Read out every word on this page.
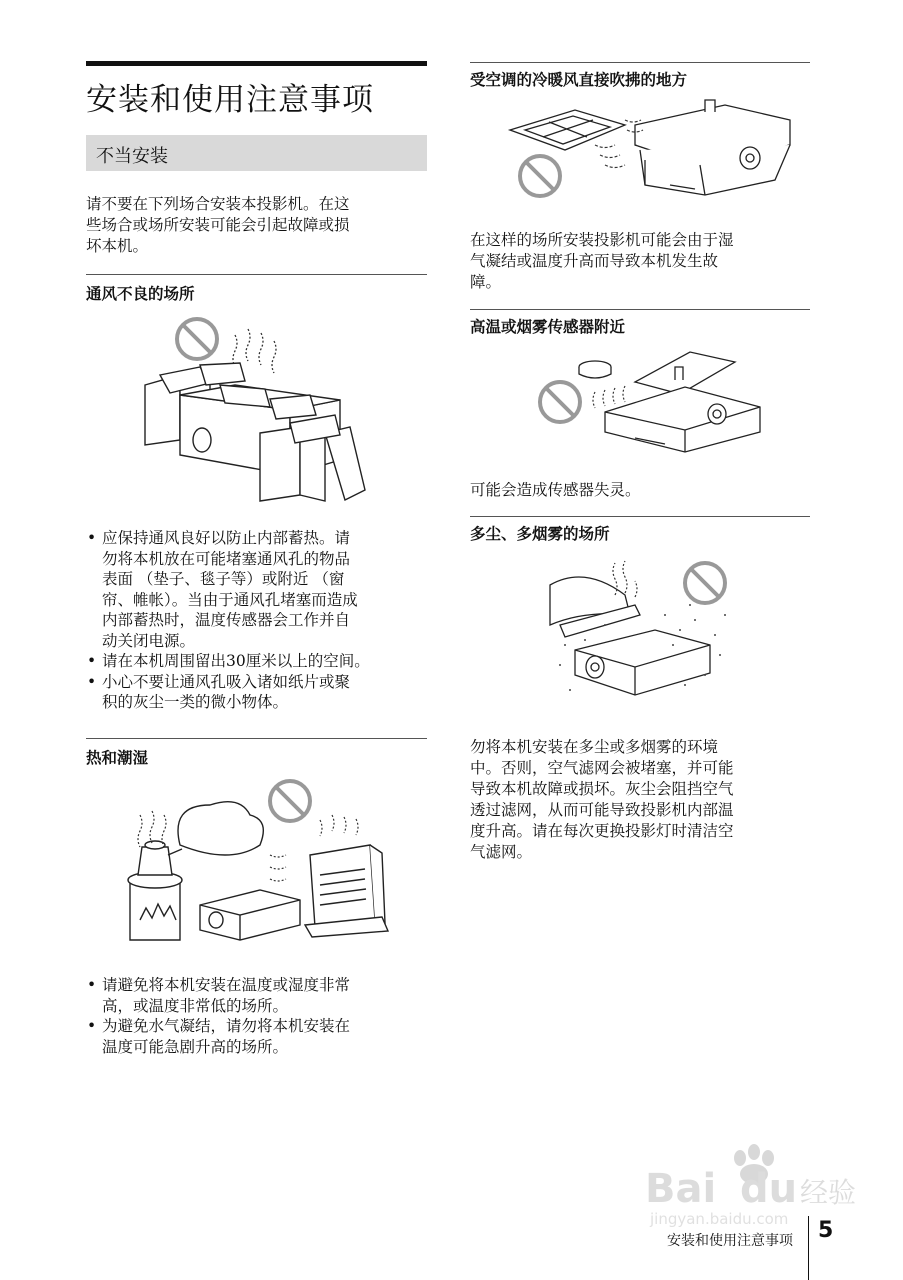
安装和使用注意事项
不当安装

请不要在下列场合安装本投影机。在这

些场合或场所安装可能会引起故障或损

坏本机。

通风不良的场所
• 应保持通风良好以防止内部蓄热。请
勿将本机放在可能堵塞通风孔的物品
表面 （垫子、毯子等）或附近 （窗
帘、帷帐）。当由于通风孔堵塞而造成
内部蓄热时，温度传感器会工作并自
动关闭电源。
• 请在本机周围留出30厘米以上的空间。
• 小心不要让通风孔吸入诸如纸片或聚
积的灰尘一类的微小物体。
热和潮湿
• 请避免将本机安装在温度或湿度非常
高，或温度非常低的场所。
• 为避免水气凝结，请勿将本机安装在
温度可能急剧升高的场所。
受空调的冷暖风直接吹拂的地方

在这样的场所安装投影机可能会由于湿

气凝结或温度升高而导致本机发生故

障。

高温或烟雾传感器附近

可能会造成传感器失灵。

多尘、多烟雾的场所

勿将本机安装在多尘或多烟雾的环境

中。否则，空气滤网会被堵塞，并可能

导致本机故障或损坏。灰尘会阻挡空气

透过滤网，从而可能导致投影机内部温

度升高。请在每次更换投影灯时清洁空

气滤网。

Bai du 经验
jingyan.baidu.com
安装和使用注意事项 5
